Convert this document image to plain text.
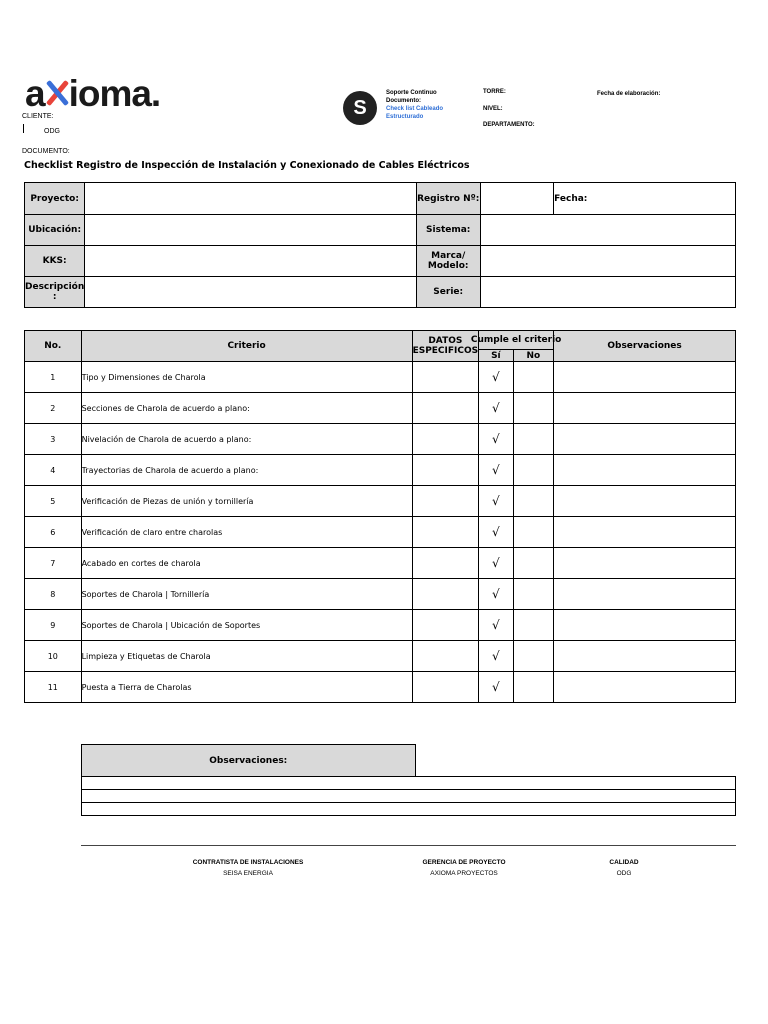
a ioma.
CLIENTE:
ODG
DOCUMENTO:
Checklist Registro de Inspección de Instalación y Conexionado de Cables Eléctricos
S
Soporte Continuo
Documento:
Check list Cableado
Estructurado
TORRE:
NIVEL:
DEPARTAMENTO:
Fecha de elaboración:
Proyecto:		Registro Nº:		Fecha:
Ubicación:		Sistema:		
KKS:		Marca/
Modelo:		
Descripción
:		Serie:		
No.	Criterio	DATOS
ESPECIFICOS	Cumple el criterio		Observaciones
			Sí	No	
1	Tipo y Dimensiones de Charola		√		
2	Secciones de Charola de acuerdo a plano:		√		
3	Nivelación de Charola de acuerdo a plano:		√		
4	Trayectorias de Charola de acuerdo a plano:		√		
5	Verificación de Piezas de unión y tornillería		√		
6	Verificación de claro entre charolas		√		
7	Acabado en cortes de charola		√		
8	Soportes de Charola | Tornillería		√		
9	Soportes de Charola | Ubicación de Soportes		√		
10	Limpieza y Etiquetas de Charola		√		
11	Puesta a Tierra de Charolas		√		
Observaciones:	

CONTRATISTA DE INSTALACIONES
SEISA ENERGIA
GERENCIA DE PROYECTO
AXIOMA PROYECTOS
CALIDAD
ODG
